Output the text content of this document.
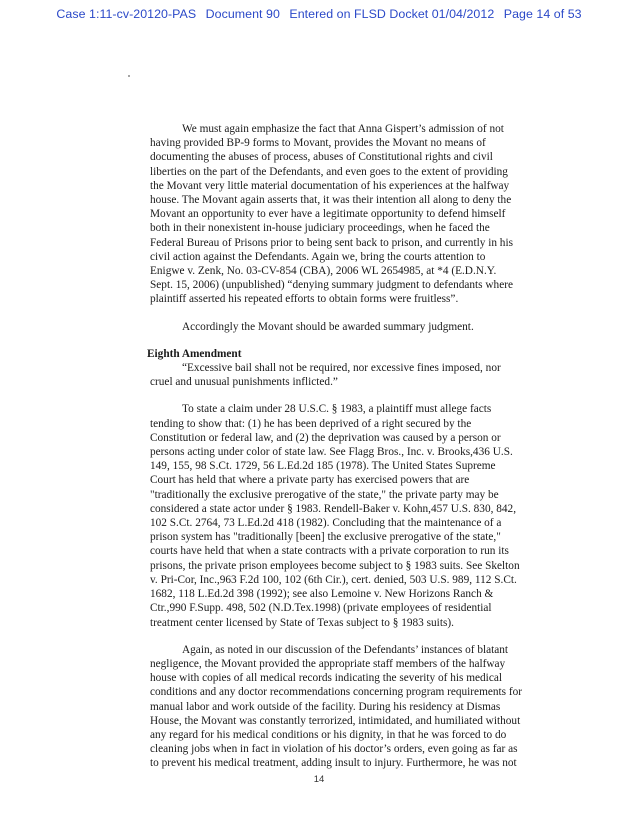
Case 1:11-cv-20120-PAS Document 90 Entered on FLSD Docket 01/04/2012 Page 14 of 53

We must again emphasize the fact that Anna Gispert’s admission of not

having provided BP-9 forms to Movant, provides the Movant no means of

documenting the abuses of process, abuses of Constitutional rights and civil

liberties on the part of the Defendants, and even goes to the extent of providing

the Movant very little material documentation of his experiences at the halfway

house. The Movant again asserts that, it was their intention all along to deny the

Movant an opportunity to ever have a legitimate opportunity to defend himself

both in their nonexistent in-house judiciary proceedings, when he faced the

Federal Bureau of Prisons prior to being sent back to prison, and currently in his

civil action against the Defendants. Again we, bring the courts attention to

Enigwe v. Zenk, No. 03-CV-854 (CBA), 2006 WL 2654985, at *4 (E.D.N.Y.

Sept. 15, 2006) (unpublished) “denying summary judgment to defendants where

plaintiff asserted his repeated efforts to obtain forms were fruitless”.

Accordingly the Movant should be awarded summary judgment.

Eighth Amendment

“Excessive bail shall not be required, nor excessive fines imposed, nor

cruel and unusual punishments inflicted.”

To state a claim under 28 U.S.C. § 1983, a plaintiff must allege facts

tending to show that: (1) he has been deprived of a right secured by the

Constitution or federal law, and (2) the deprivation was caused by a person or

persons acting under color of state law. See Flagg Bros., Inc. v. Brooks,436 U.S.

149, 155, 98 S.Ct. 1729, 56 L.Ed.2d 185 (1978). The United States Supreme

Court has held that where a private party has exercised powers that are

"traditionally the exclusive prerogative of the state," the private party may be

considered a state actor under § 1983. Rendell-Baker v. Kohn,457 U.S. 830, 842,

102 S.Ct. 2764, 73 L.Ed.2d 418 (1982). Concluding that the maintenance of a

prison system has "traditionally [been] the exclusive prerogative of the state,"

courts have held that when a state contracts with a private corporation to run its

prisons, the private prison employees become subject to § 1983 suits. See Skelton

v. Pri-Cor, Inc.,963 F.2d 100, 102 (6th Cir.), cert. denied, 503 U.S. 989, 112 S.Ct.

1682, 118 L.Ed.2d 398 (1992); see also Lemoine v. New Horizons Ranch &

Ctr.,990 F.Supp. 498, 502 (N.D.Tex.1998) (private employees of residential

treatment center licensed by State of Texas subject to § 1983 suits).

Again, as noted in our discussion of the Defendants’ instances of blatant

negligence, the Movant provided the appropriate staff members of the halfway

house with copies of all medical records indicating the severity of his medical

conditions and any doctor recommendations concerning program requirements for

manual labor and work outside of the facility. During his residency at Dismas

House, the Movant was constantly terrorized, intimidated, and humiliated without

any regard for his medical conditions or his dignity, in that he was forced to do

cleaning jobs when in fact in violation of his doctor’s orders, even going as far as

to prevent his medical treatment, adding insult to injury. Furthermore, he was not

14
